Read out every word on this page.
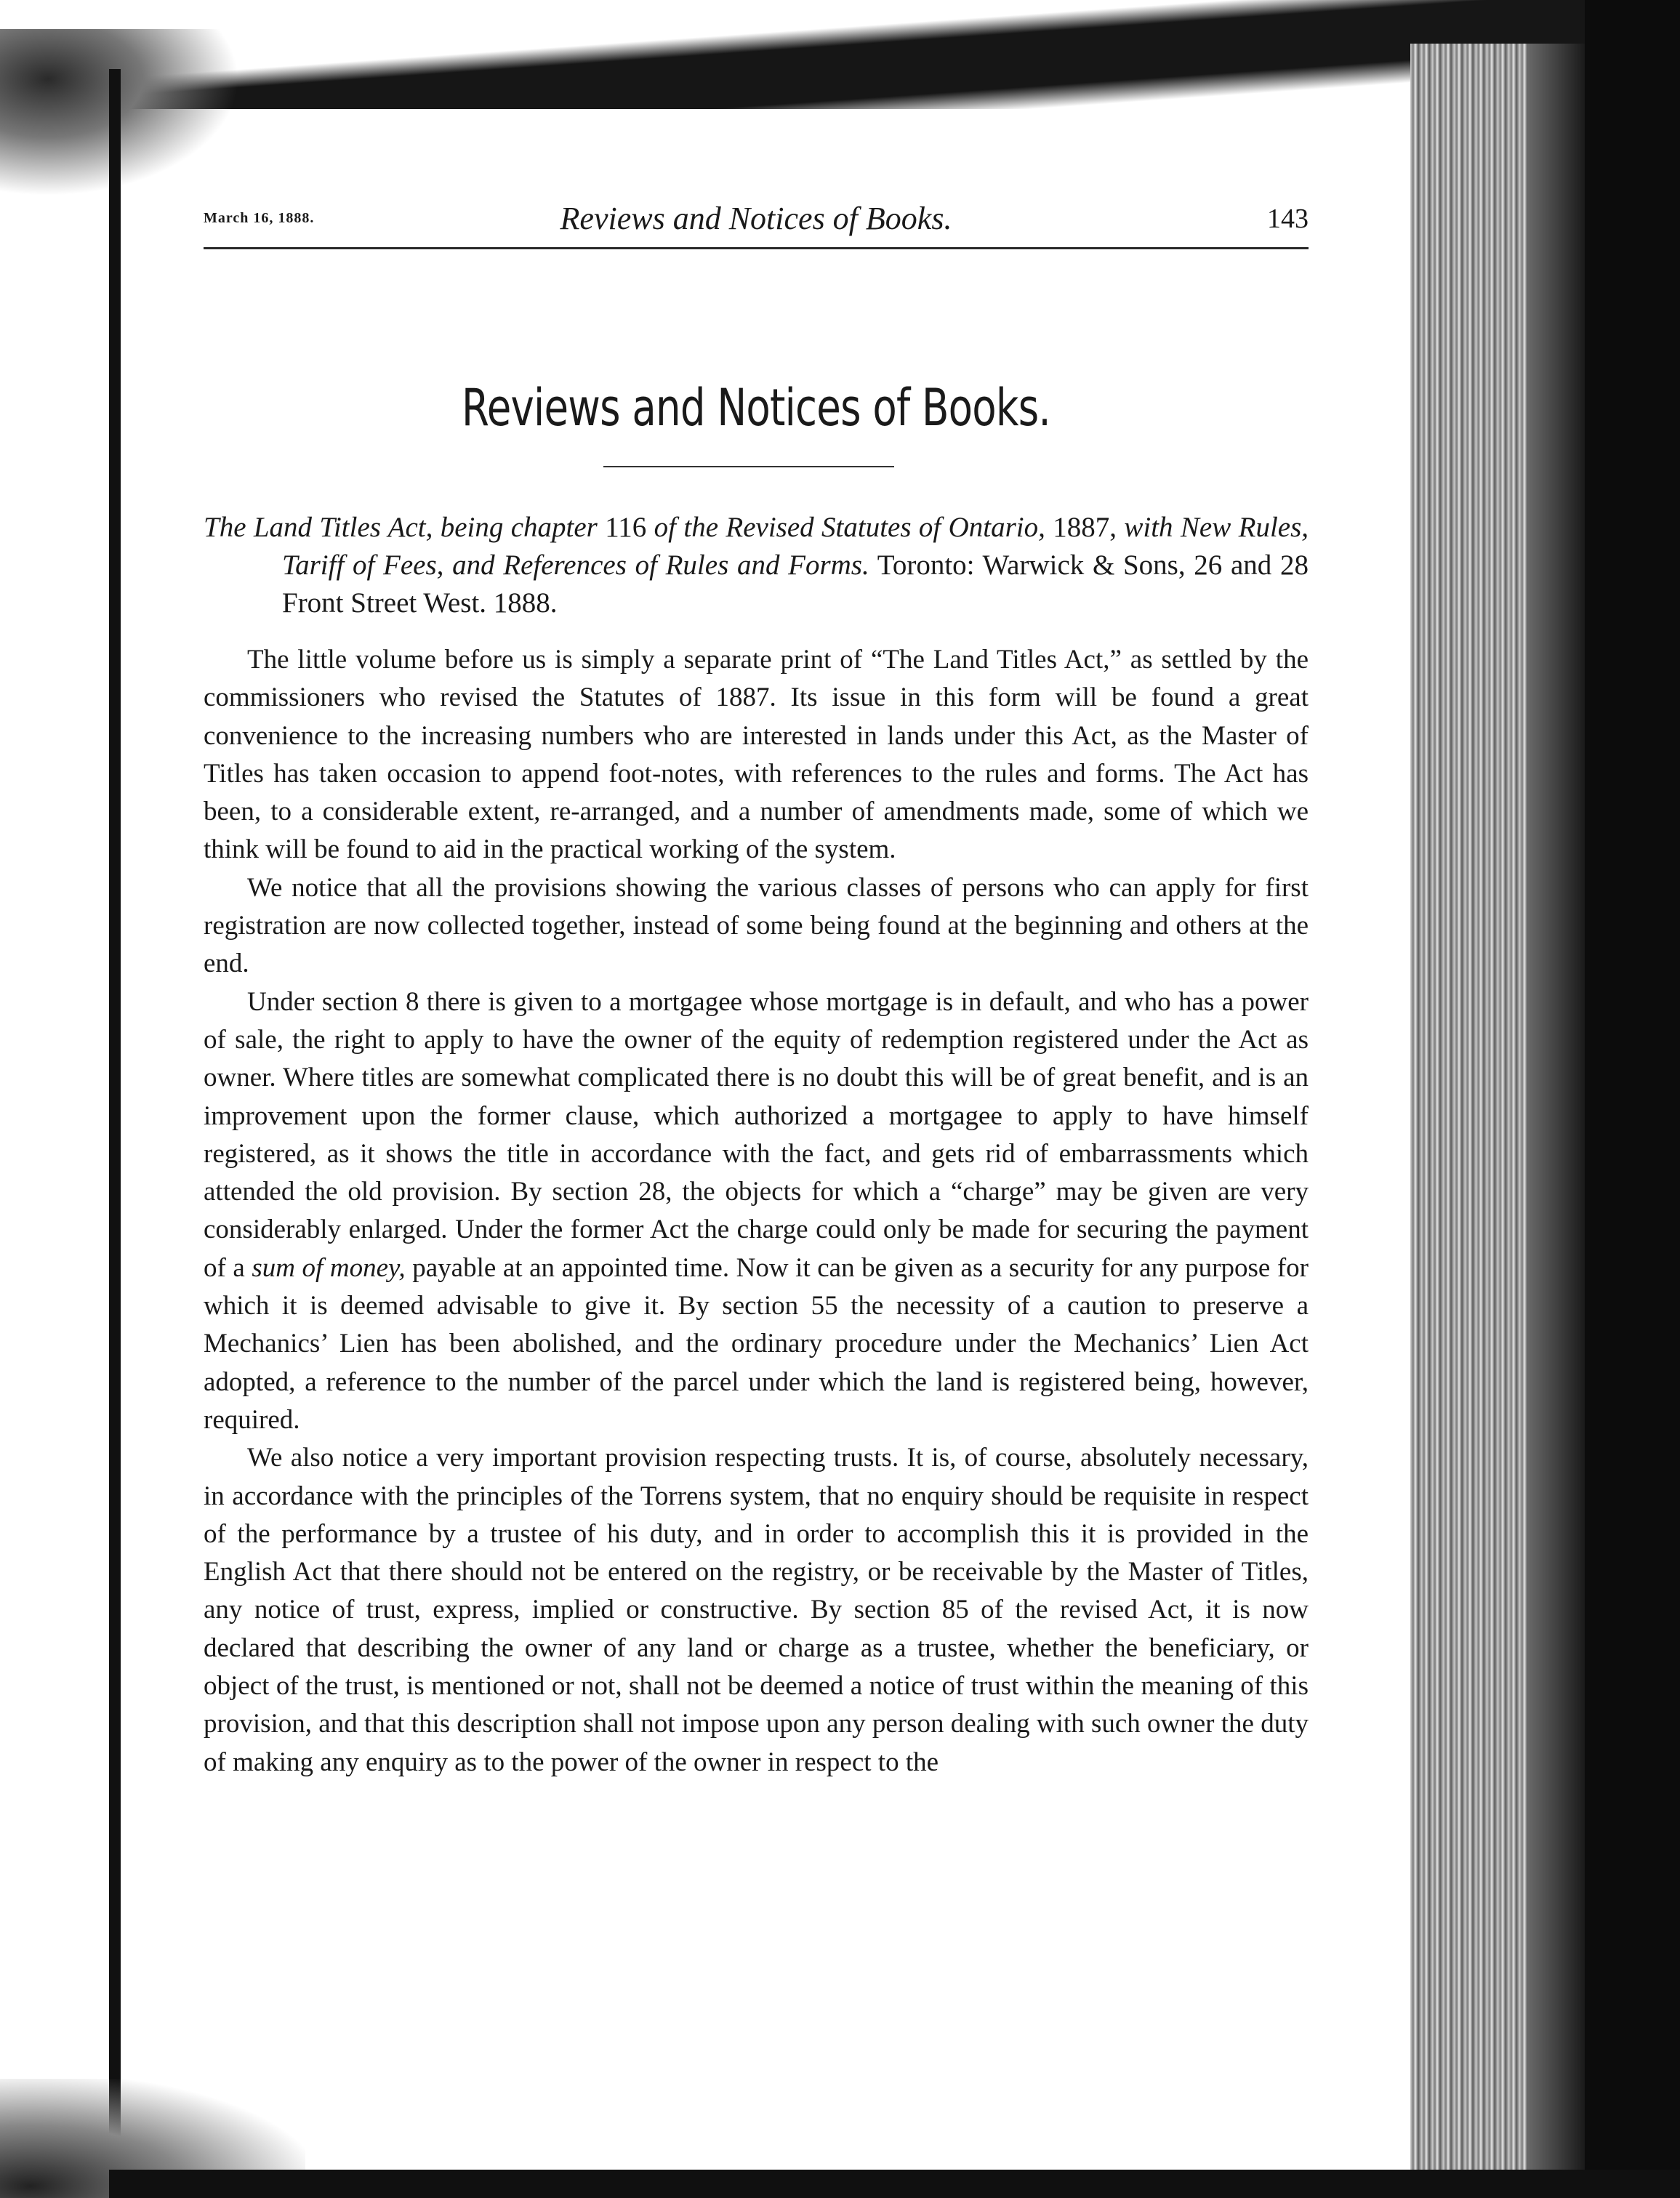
March 16, 1888.	Reviews and Notices of Books.	143
Reviews and Notices of Books.

The Land Titles Act, being chapter 116 of the Revised Statutes of Ontario, 1887, with New Rules, Tariff of Fees, and References of Rules and Forms. Toronto: Warwick & Sons, 26 and 28 Front Street West. 1888.

The little volume before us is simply a separate print of “The Land Titles Act,” as settled by the commissioners who revised the Statutes of 1887. Its issue in this form will be found a great convenience to the increasing numbers who are interested in lands under this Act, as the Master of Titles has taken occasion to append foot-notes, with references to the rules and forms. The Act has been, to a considerable extent, re-arranged, and a number of amendments made, some of which we think will be found to aid in the practical working of the system.

We notice that all the provisions showing the various classes of persons who can apply for first registration are now collected together, instead of some being found at the beginning and others at the end.

Under section 8 there is given to a mortgagee whose mortgage is in default, and who has a power of sale, the right to apply to have the owner of the equity of redemption registered under the Act as owner. Where titles are somewhat complicated there is no doubt this will be of great benefit, and is an improvement upon the former clause, which authorized a mortgagee to apply to have himself registered, as it shows the title in accordance with the fact, and gets rid of embarrassments which attended the old provision. By section 28, the objects for which a “charge” may be given are very considerably enlarged. Under the former Act the charge could only be made for securing the payment of a sum of money, payable at an appointed time. Now it can be given as a security for any purpose for which it is deemed advisable to give it. By section 55 the necessity of a caution to preserve a Mechanics’ Lien has been abolished, and the ordinary procedure under the Mechanics’ Lien Act adopted, a reference to the number of the parcel under which the land is registered being, however, required.

We also notice a very important provision respecting trusts. It is, of course, absolutely necessary, in accordance with the principles of the Torrens system, that no enquiry should be requisite in respect of the performance by a trustee of his duty, and in order to accomplish this it is provided in the English Act that there should not be entered on the registry, or be receivable by the Master of Titles, any notice of trust, express, implied or constructive. By section 85 of the revised Act, it is now declared that describing the owner of any land or charge as a trustee, whether the beneficiary, or object of the trust, is mentioned or not, shall not be deemed a notice of trust within the meaning of this provision, and that this description shall not impose upon any person dealing with such owner the duty of making any enquiry as to the power of the owner in respect to the
